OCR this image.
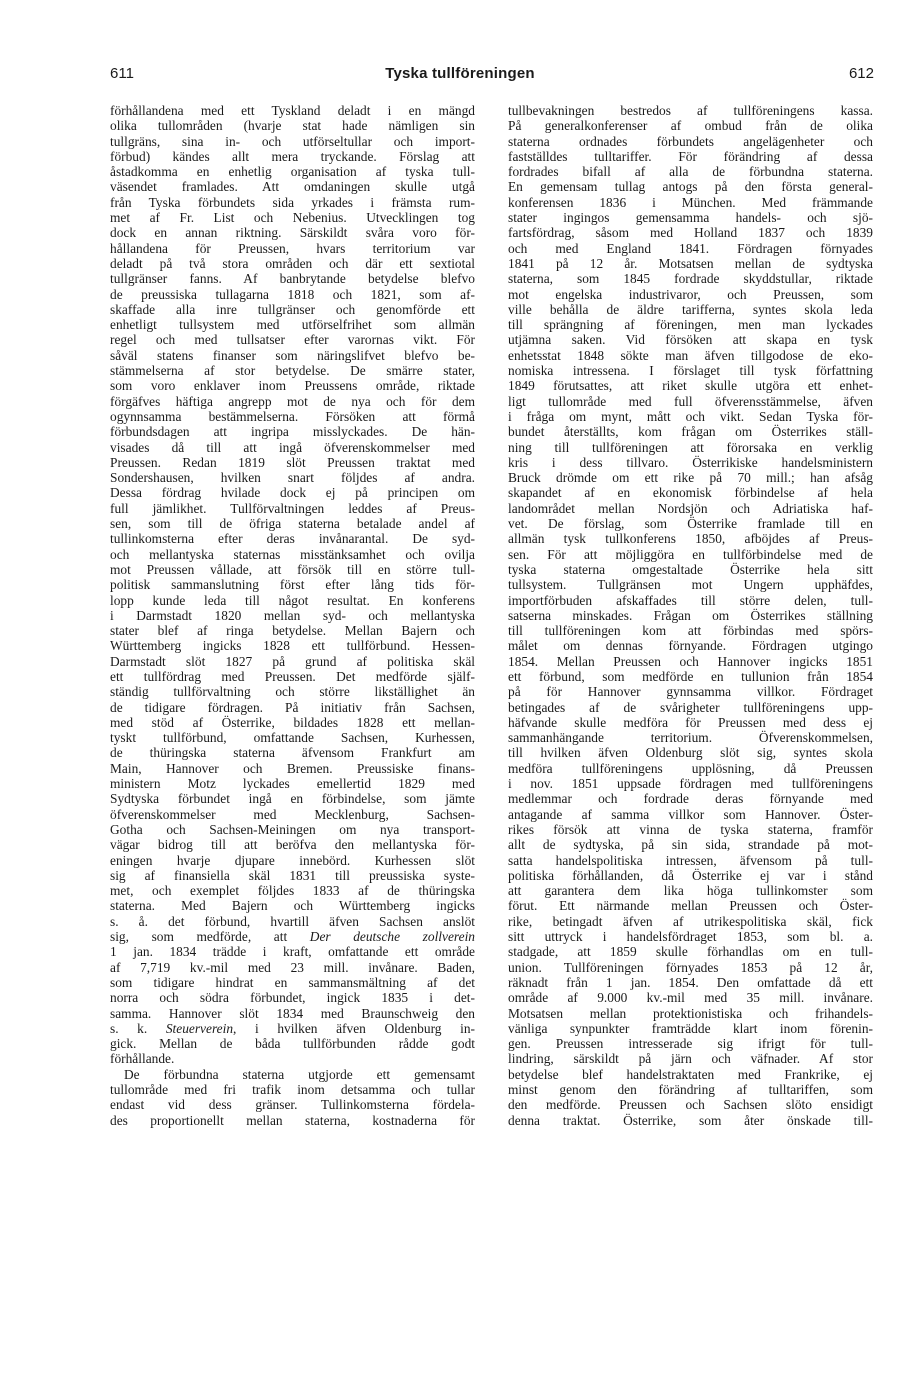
611	Tyska tullföreningen	612
förhållandena med ett Tyskland deladt i en mängd
olika tullområden (hvarje stat hade nämligen sin
tullgräns, sina in- och utförseltullar och import-
förbud) kändes allt mera tryckande. Förslag att
åstadkomma en enhetlig organisation af tyska tull-
väsendet framlades. Att omdaningen skulle utgå
från Tyska förbundets sida yrkades i främsta rum-
met af Fr. List och Nebenius. Utvecklingen tog
dock en annan riktning. Särskildt svåra voro för-
hållandena för Preussen, hvars territorium var
deladt på två stora områden och där ett sextiotal
tullgränser fanns. Af banbrytande betydelse blefvo
de preussiska tullagarna 1818 och 1821, som af-
skaffade alla inre tullgränser och genomförde ett
enhetligt tullsystem med utförselfrihet som allmän
regel och med tullsatser efter varornas vikt. För
såväl statens finanser som näringslifvet blefvo be-
stämmelserna af stor betydelse. De smärre stater,
som voro enklaver inom Preussens område, riktade
förgäfves häftiga angrepp mot de nya och för dem
ogynnsamma bestämmelserna. Försöken att förmå
förbundsdagen att ingripa misslyckades. De hän-
visades då till att ingå öfverenskommelser med
Preussen. Redan 1819 slöt Preussen traktat med
Sondershausen, hvilken snart följdes af andra.
Dessa fördrag hvilade dock ej på principen om
full jämlikhet. Tullförvaltningen leddes af Preus-
sen, som till de öfriga staterna betalade andel af
tullinkomsterna efter deras invånarantal. De syd-
och mellantyska staternas misstänksamhet och ovilja
mot Preussen vållade, att försök till en större tull-
politisk sammanslutning först efter lång tids för-
lopp kunde leda till något resultat. En konferens
i Darmstadt 1820 mellan syd- och mellantyska
stater blef af ringa betydelse. Mellan Bajern och
Württemberg ingicks 1828 ett tullförbund. Hessen-
Darmstadt slöt 1827 på grund af politiska skäl
ett tullfördrag med Preussen. Det medförde själf-
ständig tullförvaltning och större likställighet än
de tidigare fördragen. På initiativ från Sachsen,
med stöd af Österrike, bildades 1828 ett mellan-
tyskt tullförbund, omfattande Sachsen, Kurhessen,
de thüringska staterna äfvensom Frankfurt am
Main, Hannover och Bremen. Preussiske finans-
ministern Motz lyckades emellertid 1829 med
Sydtyska förbundet ingå en förbindelse, som jämte
öfverenskommelser med Mecklenburg, Sachsen-
Gotha och Sachsen-Meiningen om nya transport-
vägar bidrog till att beröfva den mellantyska för-
eningen hvarje djupare innebörd. Kurhessen slöt
sig af finansiella skäl 1831 till preussiska syste-
met, och exemplet följdes 1833 af de thüringska
staterna. Med Bajern och Württemberg ingicks
s. å. det förbund, hvartill äfven Sachsen anslöt
sig, som medförde, att Der deutsche zollverein
1 jan. 1834 trädde i kraft, omfattande ett område
af 7,719 kv.-mil med 23 mill. invånare. Baden,
som tidigare hindrat en sammansmältning af det
norra och södra förbundet, ingick 1835 i det-
samma. Hannover slöt 1834 med Braunschweig den
s. k. Steuerverein, i hvilken äfven Oldenburg in-
gick. Mellan de båda tullförbunden rådde godt
förhållande.
De förbundna staterna utgjorde ett gemensamt
tullområde med fri trafik inom detsamma och tullar
endast vid dess gränser. Tullinkomsterna fördela-
des proportionellt mellan staterna, kostnaderna för
tullbevakningen bestredos af tullföreningens kassa.
På generalkonferenser af ombud från de olika
staterna ordnades förbundets angelägenheter och
fastställdes tulltariffer. För förändring af dessa
fordrades bifall af alla de förbundna staterna.
En gemensam tullag antogs på den första general-
konferensen 1836 i München. Med främmande
stater ingingos gemensamma handels- och sjö-
fartsfördrag, såsom med Holland 1837 och 1839
och med England 1841. Fördragen förnyades
1841 på 12 år. Motsatsen mellan de sydtyska
staterna, som 1845 fordrade skyddstullar, riktade
mot engelska industrivaror, och Preussen, som
ville behålla de äldre tarifferna, syntes skola leda
till sprängning af föreningen, men man lyckades
utjämna saken. Vid försöken att skapa en tysk
enhetsstat 1848 sökte man äfven tillgodose de eko-
nomiska intressena. I förslaget till tysk författning
1849 förutsattes, att riket skulle utgöra ett enhet-
ligt tullområde med full öfverensstämmelse, äfven
i fråga om mynt, mått och vikt. Sedan Tyska för-
bundet återställts, kom frågan om Österrikes ställ-
ning till tullföreningen att förorsaka en verklig
kris i dess tillvaro. Österrikiske handelsministern
Bruck drömde om ett rike på 70 mill.; han afsåg
skapandet af en ekonomisk förbindelse af hela
landområdet mellan Nordsjön och Adriatiska haf-
vet. De förslag, som Österrike framlade till en
allmän tysk tullkonferens 1850, afböjdes af Preus-
sen. För att möjliggöra en tullförbindelse med de
tyska staterna omgestaltade Österrike hela sitt
tullsystem. Tullgränsen mot Ungern upphäfdes,
importförbuden afskaffades till större delen, tull-
satserna minskades. Frågan om Österrikes ställning
till tullföreningen kom att förbindas med spörs-
målet om dennas förnyande. Fördragen utgingo
1854. Mellan Preussen och Hannover ingicks 1851
ett förbund, som medförde en tullunion från 1854
på för Hannover gynnsamma villkor. Fördraget
betingades af de svårigheter tullföreningens upp-
häfvande skulle medföra för Preussen med dess ej
sammanhängande territorium. Öfverenskommelsen,
till hvilken äfven Oldenburg slöt sig, syntes skola
medföra tullföreningens upplösning, då Preussen
i nov. 1851 uppsade fördragen med tullföreningens
medlemmar och fordrade deras förnyande med
antagande af samma villkor som Hannover. Öster-
rikes försök att vinna de tyska staterna, framför
allt de sydtyska, på sin sida, strandade på mot-
satta handelspolitiska intressen, äfvensom på tull-
politiska förhållanden, då Österrike ej var i stånd
att garantera dem lika höga tullinkomster som
förut. Ett närmande mellan Preussen och Öster-
rike, betingadt äfven af utrikespolitiska skäl, fick
sitt uttryck i handelsfördraget 1853, som bl. a.
stadgade, att 1859 skulle förhandlas om en tull-
union. Tullföreningen förnyades 1853 på 12 år,
räknadt från 1 jan. 1854. Den omfattade då ett
område af 9.000 kv.-mil med 35 mill. invånare.
Motsatsen mellan protektionistiska och frihandels-
vänliga synpunkter framträdde klart inom förenin-
gen. Preussen intresserade sig ifrigt för tull-
lindring, särskildt på järn och väfnader. Af stor
betydelse blef handelstraktaten med Frankrike, ej
minst genom den förändring af tulltariffen, som
den medförde. Preussen och Sachsen slöto ensidigt
denna traktat. Österrike, som åter önskade till-
